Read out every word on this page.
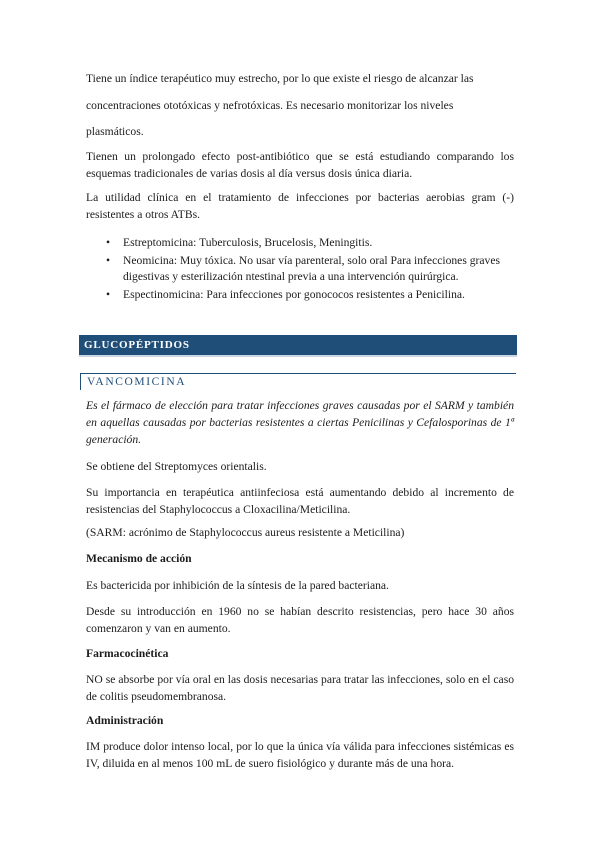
Tiene un índice terapéutico muy estrecho, por lo que existe el riesgo de alcanzar las

concentraciones ototóxicas y nefrotóxicas. Es necesario monitorizar los niveles

plasmáticos.

Tienen un prolongado efecto post-antibiótico que se está estudiando comparando los esquemas tradicionales de varias dosis al día versus dosis única diaria.

La utilidad clínica en el tratamiento de infecciones por bacterias aerobias gram (-) resistentes a otros ATBs.

• Estreptomicina: Tuberculosis, Brucelosis, Meningitis.
• Neomicina: Muy tóxica. No usar vía parenteral, solo oral Para infecciones graves digestivas y esterilización ntestinal previa a una intervención quirúrgica.
• Espectinomicina: Para infecciones por gonococos resistentes a Penicilina.
GLUCOPÉPTIDOS
VANCOMICINA

Es el fármaco de elección para tratar infecciones graves causadas por el SARM y también en aquellas causadas por bacterias resistentes a ciertas Penicilinas y Cefalosporinas de 1ª generación.

Se obtiene del Streptomyces orientalis.

Su importancia en terapéutica antiinfeciosa está aumentando debido al incremento de resistencias del Staphylococcus a Cloxacilina/Meticilina.

(SARM: acrónimo de Staphylococcus aureus resistente a Meticilina)

Mecanismo de acción

Es bactericida por inhibición de la síntesis de la pared bacteriana.

Desde su introducción en 1960 no se habían descrito resistencias, pero hace 30 años comenzaron y van en aumento.

Farmacocinética

NO se absorbe por vía oral en las dosis necesarias para tratar las infecciones, solo en el caso de colitis pseudomembranosa.

Administración

IM produce dolor intenso local, por lo que la única vía válida para infecciones sistémicas es IV, diluida en al menos 100 mL de suero fisiológico y durante más de una hora.
